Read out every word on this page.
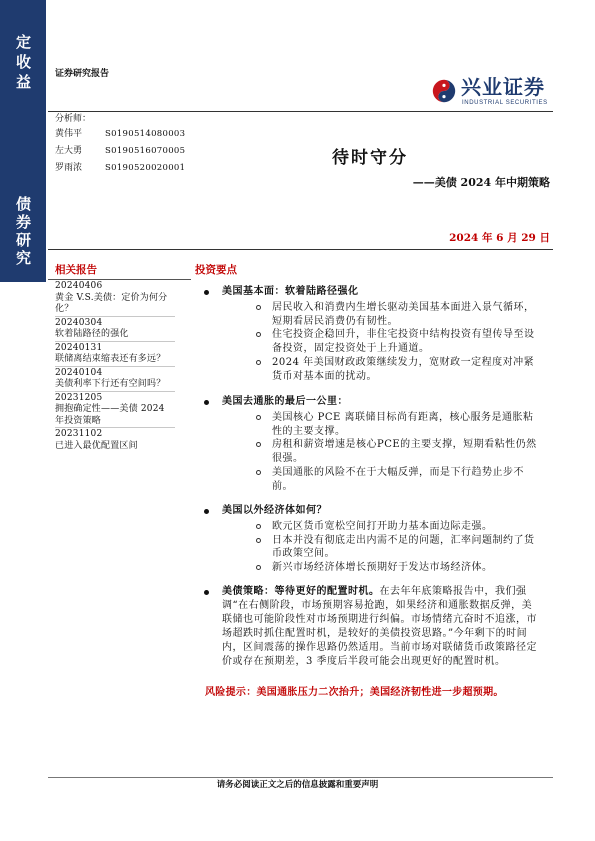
定收益
债券研究
证券研究报告
兴业证券
INDUSTRIAL SECURITIES
分析师：
黄伟平	S0190514080003
左大勇	S0190516070005
罗雨浓	S0190520020001	待时守分
——美债 2024 年中期策略
2024 年 6 月 29 日
相关报告
20240406
黄金 V.S.美债：定价为何分化？
20240304
软着陆路径的强化
20240131
联储离结束缩表还有多远？
20240104
美债利率下行还有空间吗？
20231205
拥抱确定性——美债 2024 年投资策略
20231102
已进入最优配置区间
投资要点
美国基本面：软着陆路径强化
居民收入和消费内生增长驱动美国基本面进入景气循环，短期看居民消费仍有韧性。
住宅投资企稳回升，非住宅投资中结构投资有望传导至设备投资，固定投资处于上升通道。
2024 年美国财政政策继续发力，宽财政一定程度对冲紧货币对基本面的扰动。
美国去通胀的最后一公里：
美国核心 PCE 离联储目标尚有距离，核心服务是通胀粘性的主要支撑。
房租和薪资增速是核心PCE的主要支撑，短期看粘性仍然很强。
美国通胀的风险不在于大幅反弹，而是下行趋势止步不前。
美国以外经济体如何？
欧元区货币宽松空间打开助力基本面边际走强。
日本并没有彻底走出内需不足的问题，汇率问题制约了货币政策空间。
新兴市场经济体增长预期好于发达市场经济体。
美债策略：等待更好的配置时机。在去年年底策略报告中，我们强调“在右侧阶段，市场预期容易抢跑，如果经济和通胀数据反弹，美联储也可能阶段性对市场预期进行纠偏。市场情绪亢奋时不追涨，市场超跌时抓住配置时机，是较好的美债投资思路。”今年剩下的时间内，区间震荡的操作思路仍然适用。当前市场对联储货币政策路径定价或存在预期差，3 季度后半段可能会出现更好的配置时机。
风险提示：美国通胀压力二次抬升；美国经济韧性进一步超预期。
请务必阅读正文之后的信息披露和重要声明
